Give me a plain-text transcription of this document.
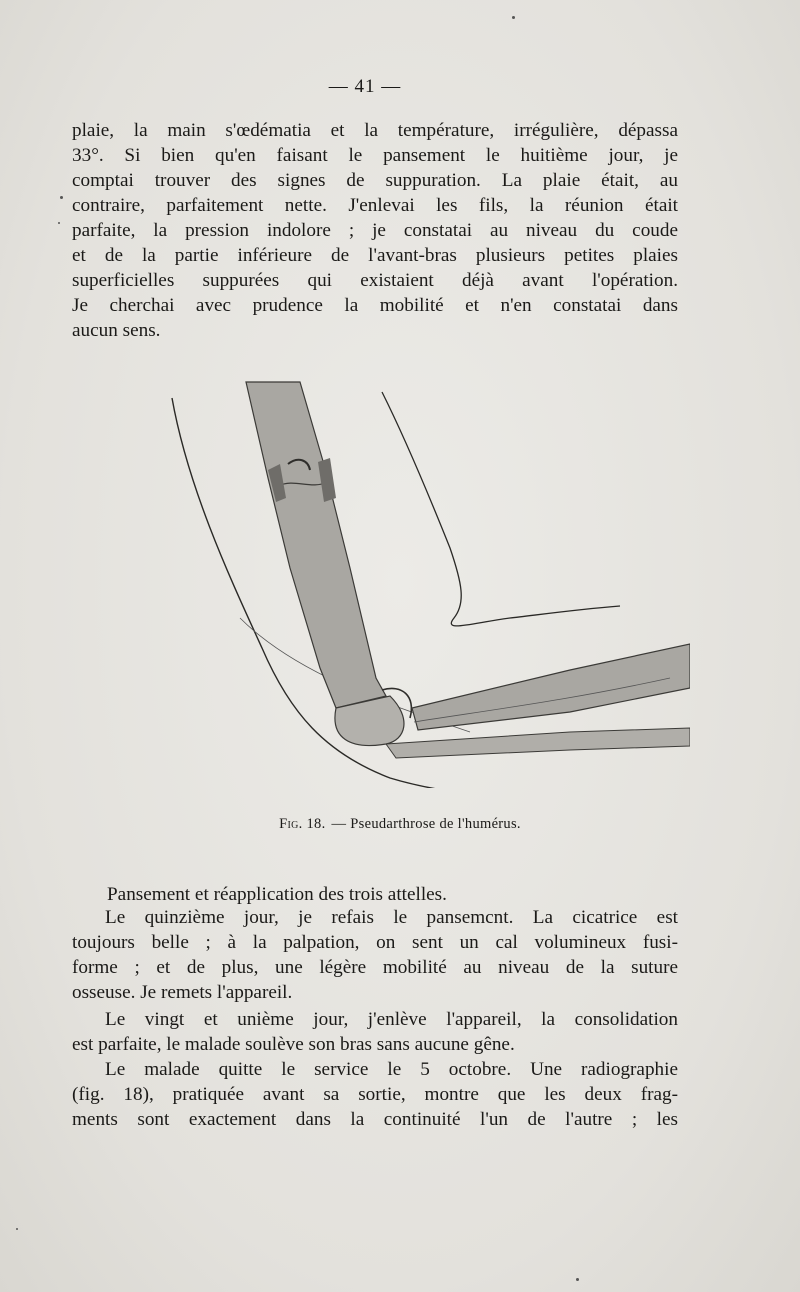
— 41 —

plaie, la main s'œdématia et la température, irrégulière, dépassa
33°. Si bien qu'en faisant le pansement le huitième jour, je
comptai trouver des signes de suppuration. La plaie était, au
contraire, parfaitement nette. J'enlevai les fils, la réunion était
parfaite, la pression indolore ; je constatai au niveau du coude
et de la partie inférieure de l'avant-bras plusieurs petites plaies
superficielles suppurées qui existaient déjà avant l'opération.
Je cherchai avec prudence la mobilité et n'en constatai dans
aucun sens.

Fig. 18. — Pseudarthrose de l'humérus.

Pansement et réapplication des trois attelles.

Le quinzième jour, je refais le pansemcnt. La cicatrice est
toujours belle ; à la palpation, on sent un cal volumineux fusi-
forme ; et de plus, une légère mobilité au niveau de la suture
osseuse. Je remets l'appareil.

Le vingt et unième jour, j'enlève l'appareil, la consolidation
est parfaite, le malade soulève son bras sans aucune gêne.

Le malade quitte le service le 5 octobre. Une radiographie
(fig. 18), pratiquée avant sa sortie, montre que les deux frag-
ments sont exactement dans la continuité l'un de l'autre ; les
